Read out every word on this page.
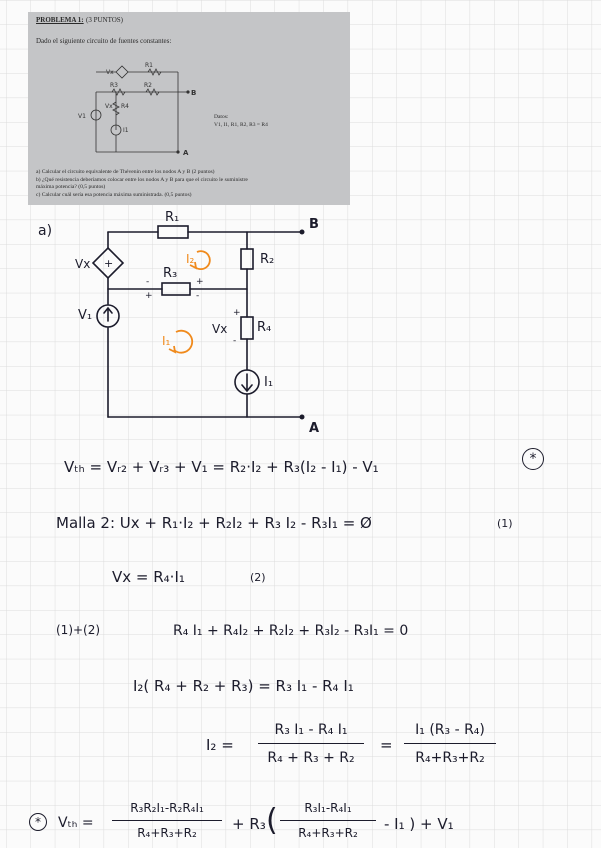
PROBLEMA 1: (3 PUNTOS)
Dado el siguiente circuito de fuentes constantes:
Vx
R1
R3	R2
R4
Vx
V1
I1
B
A
Datos:
V1, I1, R1, R2, R3 = R4
a) Calcular el circuito equivalente de Thévenin entre los nodos A y B (2 puntos)
b) ¿Qué resistencia deberíamos colocar entre los nodos A y B para que el circuito le suministre
máxima potencia? (0,5 puntos)
c) Calcular cuál sería esa potencia máxima suministrada. (0,5 puntos)
+
-
+
+
-
+
-
a)
R₁
R₂
R₃
R₄
Vx
V₁
Vx
I₁
I₂
I₁
B
A
Vₜₕ = Vᵣ₂ + Vᵣ₃ + V₁ = R₂·I₂ + R₃(I₂ - I₁) - V₁	*
Malla 2: Ux + R₁·I₂ + R₂I₂ + R₃ I₂ - R₃I₁ = Ø	(1)
Vx = R₄·I₁	(2)
(1)+(2)	R₄ I₁ + R₄I₂ + R₂I₂ + R₃I₂ - R₃I₁ = 0
I₂( R₄ + R₂ + R₃) = R₃ I₁ - R₄ I₁
I₂ =
R₃ I₁ - R₄ I₁
R₄ + R₃ + R₂
=
I₁ (R₃ - R₄)
R₄+R₃+R₂
*	Vₜₕ =
R₃R₂I₁-R₂R₄I₁
R₄+R₃+R₂	+ R₃ (	R₃I₁-R₄I₁
R₄+R₃+R₂	- I₁ ) + V₁
